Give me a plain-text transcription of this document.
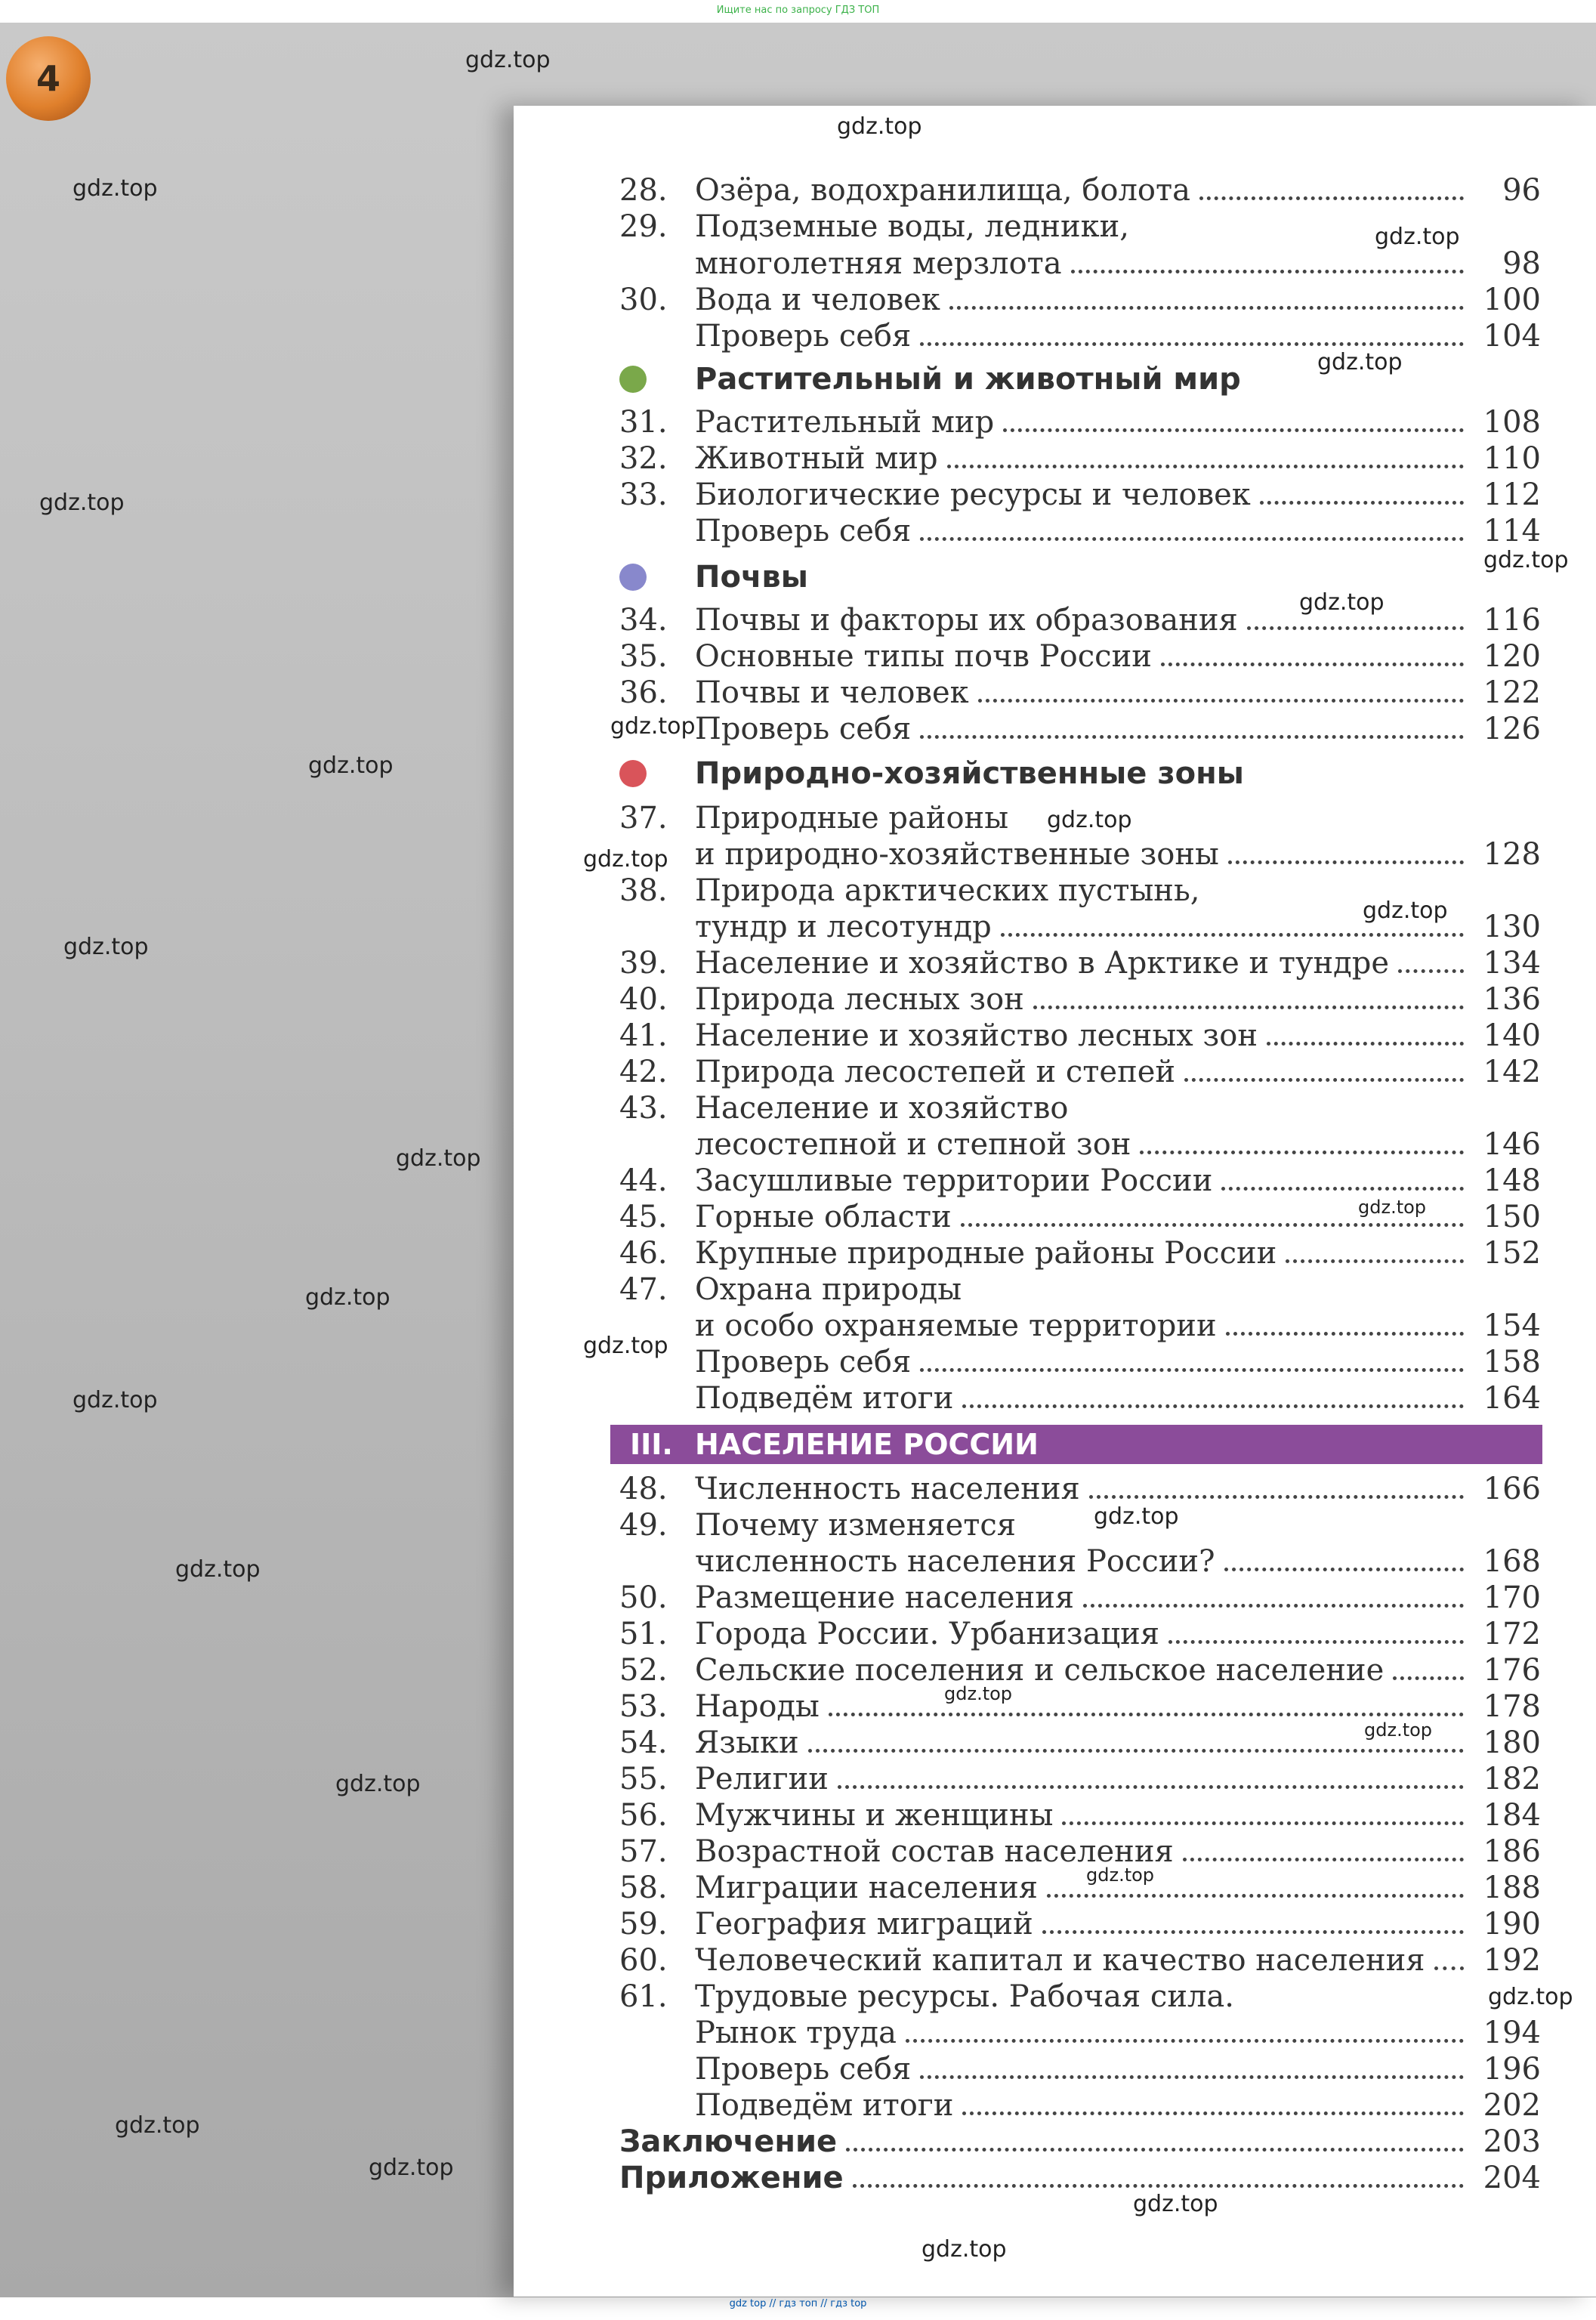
Ищите нас по запросу ГДЗ ТОП
4
28. Озёра, водохранилища, болота	96
29. Подземные воды, ледники,
многолетняя мерзлота	98
30. Вода и человек	100
Проверь себя	104
Растительный и животный мир
31. Растительный мир	108
32. Животный мир	110
33. Биологические ресурсы и человек	112
Проверь себя	114
Почвы
34. Почвы и факторы их образования	116
35. Основные типы почв России	120
36. Почвы и человек	122
Проверь себя	126
Природно-хозяйственные зоны
37. Природные районы
и природно-хозяйственные зоны	128
38. Природа арктических пустынь,
тундр и лесотундр	130
39. Население и хозяйство в Арктике и тундре	134
40. Природа лесных зон	136
41. Население и хозяйство лесных зон	140
42. Природа лесостепей и степей	142
43. Население и хозяйство
лесостепной и степной зон	146
44. Засушливые территории России	148
45. Горные области	150
46. Крупные природные районы России	152
47. Охрана природы
и особо охраняемые территории	154
Проверь себя	158
Подведём итоги	164
III. НАСЕЛЕНИЕ РОССИИ
48. Численность населения	166
49. Почему изменяется
численность населения России?	168
50. Размещение населения	170
51. Города России. Урбанизация	172
52. Сельские поселения и сельское население	176
53. Народы	178
54. Языки	180
55. Религии	182
56. Мужчины и женщины	184
57. Возрастной состав населения	186
58. Миграции населения	188
59. География миграций	190
60. Человеческий капитал и качество населения	192
61. Трудовые ресурсы. Рабочая сила.
Рынок труда	194
Проверь себя	196
Подведём итоги	202
Заключение	203
Приложение	204
gdz.top
gdz.top
gdz.top
gdz.top
gdz.top
gdz.top
gdz.top
gdz.top
gdz.top
gdz.top
gdz.top
gdz.top
gdz.top
gdz.top
gdz.top
gdz.top
gdz.top
gdz.top
gdz.top
gdz.top
gdz.top
gdz.top
gdz.top
gdz.top
gdz.top
gdz.top
gdz.top
gdz.top
gdz.top
gdz.top
gdz top // гдз топ // гдз top
